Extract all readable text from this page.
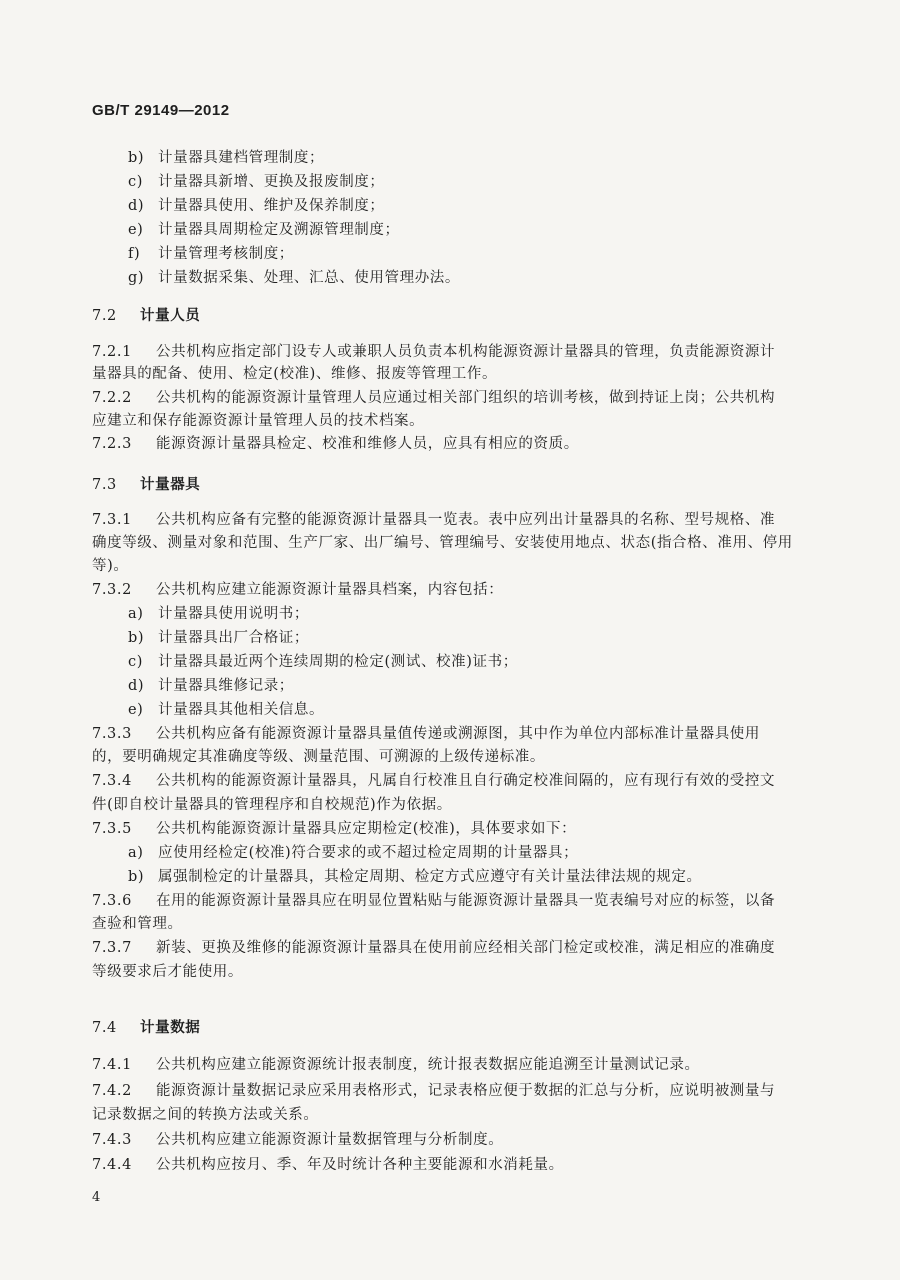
GB/T 29149—2012
b) 计量器具建档管理制度；
c) 计量器具新增、更换及报废制度；
d) 计量器具使用、维护及保养制度；
e) 计量器具周期检定及溯源管理制度；
f) 计量管理考核制度；
g) 计量数据采集、处理、汇总、使用管理办法。
7.2 计量人员
7.2.1 公共机构应指定部门设专人或兼职人员负责本机构能源资源计量器具的管理，负责能源资源计
量器具的配备、使用、检定(校准)、维修、报废等管理工作。
7.2.2 公共机构的能源资源计量管理人员应通过相关部门组织的培训考核，做到持证上岗；公共机构
应建立和保存能源资源计量管理人员的技术档案。
7.2.3 能源资源计量器具检定、校准和维修人员，应具有相应的资质。
7.3 计量器具
7.3.1 公共机构应备有完整的能源资源计量器具一览表。表中应列出计量器具的名称、型号规格、准
确度等级、测量对象和范围、生产厂家、出厂编号、管理编号、安装使用地点、状态(指合格、准用、停用
等)。
7.3.2 公共机构应建立能源资源计量器具档案，内容包括：
a) 计量器具使用说明书；
b) 计量器具出厂合格证；
c) 计量器具最近两个连续周期的检定(测试、校准)证书；
d) 计量器具维修记录；
e) 计量器具其他相关信息。
7.3.3 公共机构应备有能源资源计量器具量值传递或溯源图，其中作为单位内部标准计量器具使用
的，要明确规定其准确度等级、测量范围、可溯源的上级传递标准。
7.3.4 公共机构的能源资源计量器具，凡属自行校准且自行确定校准间隔的，应有现行有效的受控文
件(即自校计量器具的管理程序和自校规范)作为依据。
7.3.5 公共机构能源资源计量器具应定期检定(校准)，具体要求如下：
a) 应使用经检定(校准)符合要求的或不超过检定周期的计量器具；
b) 属强制检定的计量器具，其检定周期、检定方式应遵守有关计量法律法规的规定。
7.3.6 在用的能源资源计量器具应在明显位置粘贴与能源资源计量器具一览表编号对应的标签，以备
查验和管理。
7.3.7 新装、更换及维修的能源资源计量器具在使用前应经相关部门检定或校准，满足相应的准确度
等级要求后才能使用。
7.4 计量数据
7.4.1 公共机构应建立能源资源统计报表制度，统计报表数据应能追溯至计量测试记录。
7.4.2 能源资源计量数据记录应采用表格形式，记录表格应便于数据的汇总与分析，应说明被测量与
记录数据之间的转换方法或关系。
7.4.3 公共机构应建立能源资源计量数据管理与分析制度。
7.4.4 公共机构应按月、季、年及时统计各种主要能源和水消耗量。
4
